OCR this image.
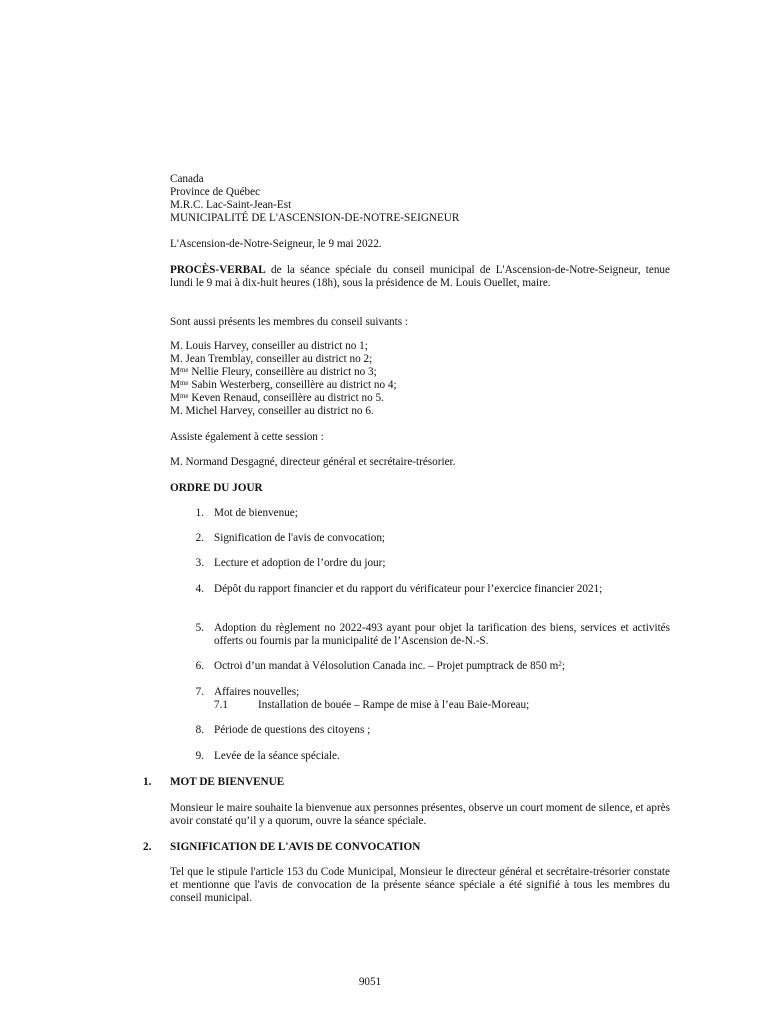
Canada
Province de Québec
M.R.C. Lac-Saint-Jean-Est
MUNICIPALITÉ DE L'ASCENSION-DE-NOTRE-SEIGNEUR
L'Ascension-de-Notre-Seigneur, le 9 mai 2022.
PROCÈS-VERBAL de la séance spéciale du conseil municipal de L'Ascension-de-Notre-Seigneur, tenue lundi le 9 mai à dix-huit heures (18h), sous la présidence de M. Louis Ouellet, maire.
Sont aussi présents les membres du conseil suivants :
M. Louis Harvey, conseiller au district no 1;
M. Jean Tremblay, conseiller au district no 2;
$M^{me}$ Nellie Fleury, conseillère au district no 3;
$M^{me}$ Sabin Westerberg, conseillère au district no 4;
$M^{me}$ Keven Renaud, conseillère au district no 5.
M. Michel Harvey, conseiller au district no 6.
Assiste également à cette session :
M. Normand Desgagné, directeur général et secrétaire-trésorier.
ORDRE DU JOUR
1. Mot de bienvenue;
2. Signification de l'avis de convocation;
3. Lecture et adoption de l’ordre du jour;
4. Dépôt du rapport financier et du rapport du vérificateur pour l’exercice financier 2021;
5. Adoption du règlement no 2022-493 ayant pour objet la tarification des biens, services et activités offerts ou fournis par la municipalité de l’Ascension de-N.-S.
6. Octroi d’un mandat à Vélosolution Canada inc. – Projet pumptrack de 850 $m^2$;
7. Affaires nouvelles;
7.1	Installation de bouée – Rampe de mise à l’eau Baie-Moreau;
8. Période de questions des citoyens ;
9. Levée de la séance spéciale.
1. MOT DE BIENVENUE
Monsieur le maire souhaite la bienvenue aux personnes présentes, observe un court moment de silence, et après avoir constaté qu’il y a quorum, ouvre la séance spéciale.
2. SIGNIFICATION DE L'AVIS DE CONVOCATION
Tel que le stipule l'article 153 du Code Municipal, Monsieur le directeur général et secrétaire-trésorier constate et mentionne que l'avis de convocation de la présente séance spéciale a été signifié à tous les membres du conseil municipal.
9051
